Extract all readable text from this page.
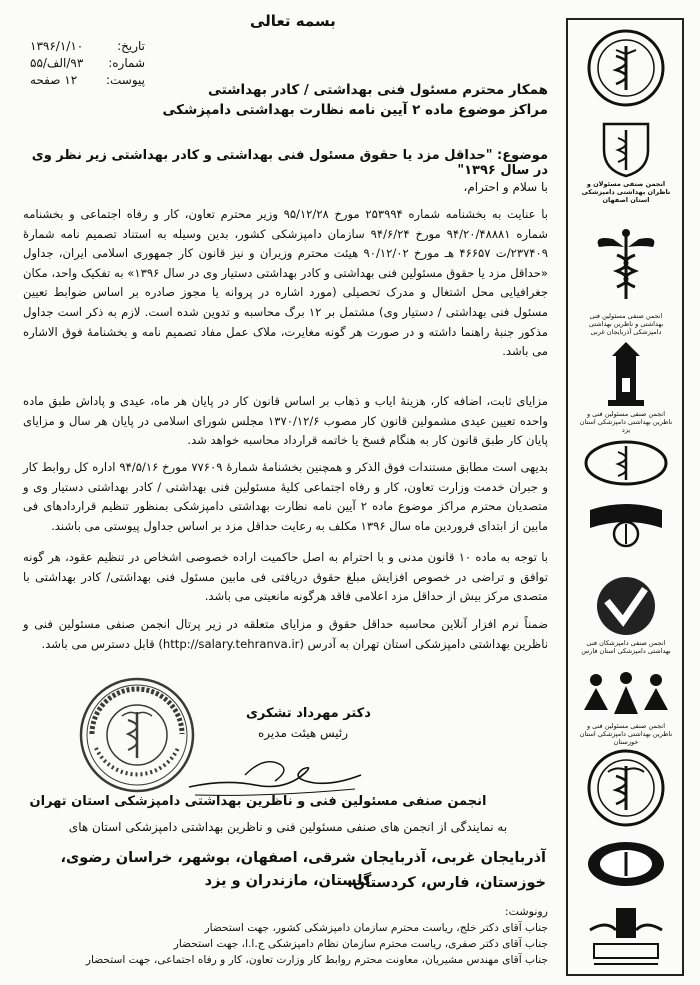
انجمن صنفی مسئولان و ناظران بهداشتی دامپزشکی استان اصفهان
انجمن صنفی مسئولین فنی بهداشتی و ناظرین بهداشتی دامپزشکی آذربایجان غربی
انجمن صنفی مسئولین فنی و ناظرین بهداشتی دامپزشکی استان یزد
انجمن صنفی دامپزشکان فنی بهداشتی دامپزشکی استان فارس
انجمن صنفی مسئولین فنی و ناظرین بهداشتی دامپزشکی استان خوزستان
بسمه تعالی
تاریخ:
۱۳۹۶/۱/۱۰
شماره:
۹۳/الف/۵۵
پیوست:
۱۲ صفحه
همکار محترم مسئول فنی بهداشتی / کادر بهداشتی
مراکز موضوع ماده ۲ آیین نامه نظارت بهداشتی دامپزشکی
موضوع: "حداقل مزد یا حقوق مسئول فنی بهداشتی و کادر بهداشتی زیر نظر وی در سال ۱۳۹۶"
با سلام و احترام،
با عنایت به بخشنامه شماره ۲۵۳۹۹۴ مورخ ۹۵/۱۲/۲۸ وزیر محترم تعاون، کار و رفاه اجتماعی و بخشنامه شماره ۹۴/۲۰/۴۸۸۸۱ مورخ ۹۴/۶/۲۴ سازمان دامپزشکی کشور، بدین وسیله به استناد تصمیم نامه شمارهٔ ۲۳۷۴۰۹/ت ۴۶۶۵۷ هـ مورخ ۹۰/۱۲/۰۲ هیئت محترم وزیران و نیز قانون کار جمهوری اسلامی ایران، جداول «حداقل مزد یا حقوق مسئولین فنی بهداشتی و کادر بهداشتی دستیار وی در سال ۱۳۹۶» به تفکیک واحد، مکان جغرافیایی محل اشتغال و مدرک تحصیلی (مورد اشاره در پروانه یا مجوز صادره بر اساس ضوابط تعیین مسئول فنی بهداشتی / دستیار وی) مشتمل بر ۱۲ برگ محاسبه و تدوین شده است. لازم به ذکر است جداول مذکور جنبهٔ راهنما داشته و در صورت هر گونه مغایرت، ملاک عمل مفاد تصمیم نامه و بخشنامهٔ فوق الاشاره می باشد.
مزایای ثابت، اضافه کار، هزینهٔ ایاب و ذهاب بر اساس قانون کار در پایان هر ماه، عیدی و پاداش طبق ماده واحده تعیین عیدی مشمولین قانون کار مصوب ۱۳۷۰/۱۲/۶ مجلس شورای اسلامی در پایان هر سال و مزایای پایان کار طبق قانون کار به هنگام فسخ یا خاتمه قرارداد محاسبه خواهد شد.
بدیهی است مطابق مستندات فوق الذکر و همچنین بخشنامهٔ شمارهٔ ۷۷۶۰۹ مورخ ۹۴/۵/۱۶ اداره کل روابط کار و جبران خدمت وزارت تعاون، کار و رفاه اجتماعی کلیهٔ مسئولین فنی بهداشتی / کادر بهداشتی دستیار وی و متصدیان محترم مراکز موضوع ماده ۲ آیین نامه نظارت بهداشتی دامپزشکی بمنظور تنظیم قراردادهای فی مابین از ابتدای فروردین ماه سال ۱۳۹۶ مکلف به رعایت حداقل مزد بر اساس جداول پیوستی می باشند.
با توجه به ماده ۱۰ قانون مدنی و با احترام به اصل حاکمیت اراده خصوصی اشخاص در تنظیم عقود، هر گونه توافق و تراضی در خصوص افزایش مبلغ حقوق دریافتی فی مابین مسئول فنی بهداشتی/ کادر بهداشتی با متصدی مرکز بیش از حداقل مزد اعلامی فاقد هرگونه مانعیتی می باشد.
ضمناً نرم افزار آنلاین محاسبه حداقل حقوق و مزایای متعلقه در زیر پرتال انجمن صنفی مسئولین فنی و ناظرین بهداشتی دامپزشکی استان تهران به آدرس (http://salary.tehranva.ir) قابل دسترس می باشد.
دکتر مهرداد تشکری
رئیس هیئت مدیره
انجمن صنفی مسئولین فنی و ناظرین بهداشتی دامپزشکی استان تهران
به نمایندگی از انجمن های صنفی مسئولین فنی و ناظرین بهداشتی دامپزشکی استان های
آذربایجان غربی، آذربایجان شرقی، اصفهان، بوشهر، خراسان رضوی، خوزستان، فارس، کردستان،
گلستان، مازندران و یزد
رونوشت:
جناب آقای دکتر خلج، ریاست محترم سازمان دامپزشکی کشور، جهت استحضار
جناب آقای دکتر صفری، ریاست محترم سازمان نظام دامپزشکی ج.ا.ا، جهت استحضار
جناب آقای مهندس مشیریان، معاونت محترم روابط کار وزارت تعاون، کار و رفاه اجتماعی، جهت استحضار
